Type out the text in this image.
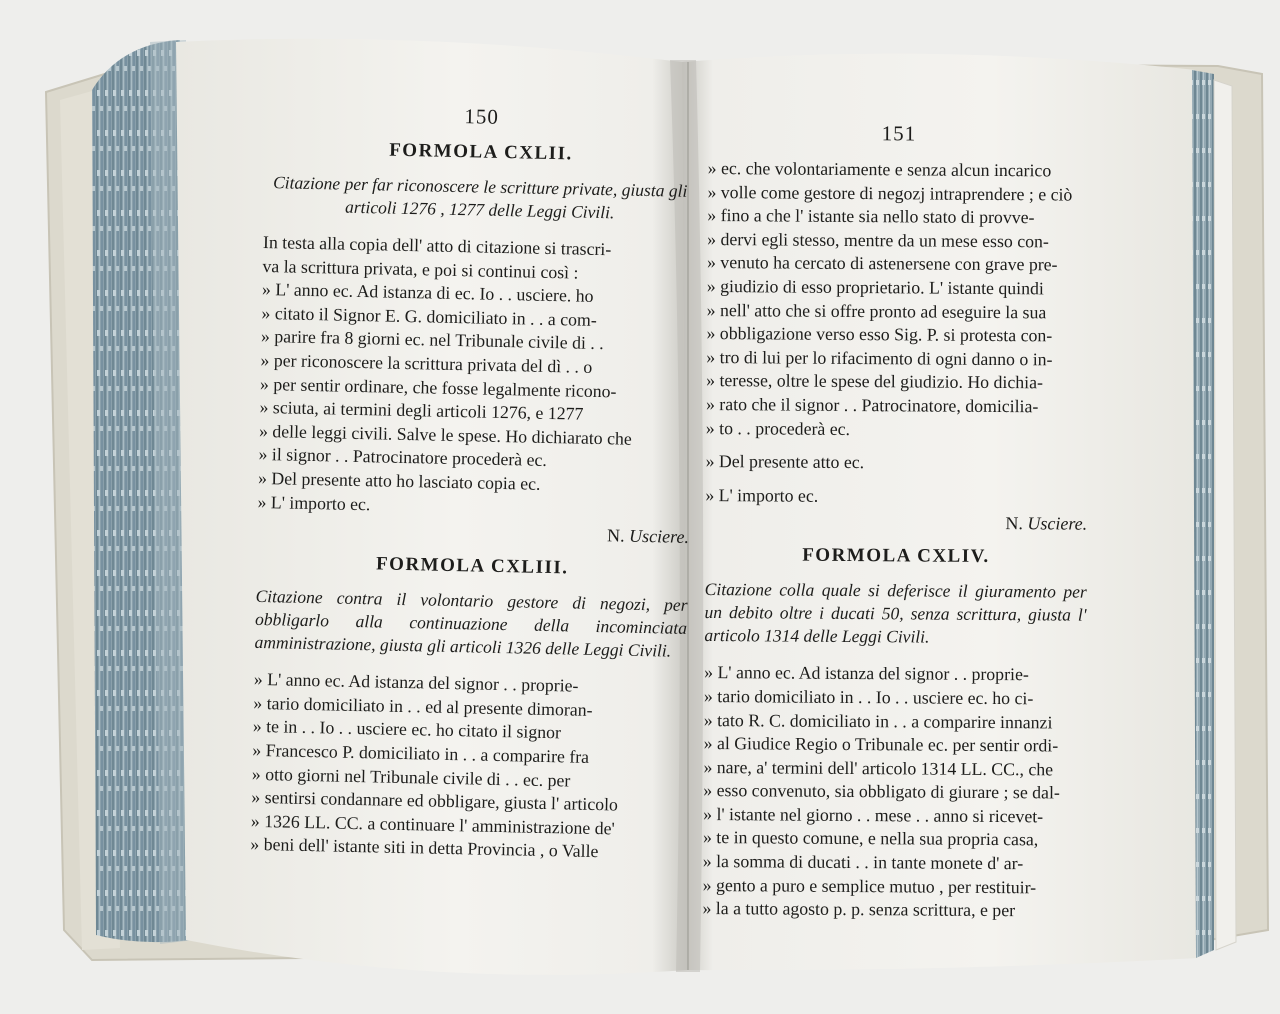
150
FORMOLA CXLII.
Citazione per far riconoscere le scritture private, giusta gli articoli 1276 , 1277 delle Leggi Civili.
In testa alla copia dell' atto di citazione si trascri-
va la scrittura privata, e poi si continui così :
» L' anno ec. Ad istanza di ec. Io . . usciere. ho
» citato il Signor E. G. domiciliato in . . a com-
» parire fra 8 giorni ec. nel Tribunale civile di . .
» per riconoscere la scrittura privata del dì . . o
» per sentir ordinare, che fosse legalmente ricono-
» sciuta, ai termini degli articoli 1276, e 1277
» delle leggi civili. Salve le spese. Ho dichiarato che
» il signor . . Patrocinatore procederà ec.
» Del presente atto ho lasciato copia ec.
» L' importo ec.
N. Usciere.
FORMOLA CXLIII.
Citazione contra il volontario gestore di negozi, per obbligarlo alla continuazione della incominciata amministrazione, giusta gli articoli 1326 delle Leggi Civili.
» L' anno ec. Ad istanza del signor . . proprie-
» tario domiciliato in . . ed al presente dimoran-
» te in . . Io . . usciere ec. ho citato il signor
» Francesco P. domiciliato in . . a comparire fra
» otto giorni nel Tribunale civile di . . ec. per
» sentirsi condannare ed obbligare, giusta l' articolo
» 1326 LL. CC. a continuare l' amministrazione de'
» beni dell' istante siti in detta Provincia , o Valle
151
» ec. che volontariamente e senza alcun incarico
» volle come gestore di negozj intraprendere ; e ciò
» fino a che l' istante sia nello stato di provve-
» dervi egli stesso, mentre da un mese esso con-
» venuto ha cercato di astenersene con grave pre-
» giudizio di esso proprietario. L' istante quindi
» nell' atto che si offre pronto ad eseguire la sua
» obbligazione verso esso Sig. P. si protesta con-
» tro di lui per lo rifacimento di ogni danno o in-
» teresse, oltre le spese del giudizio. Ho dichia-
» rato che il signor . . Patrocinatore, domicilia-
» to . . procederà ec.
» Del presente atto ec.
» L' importo ec.
N. Usciere.
FORMOLA CXLIV.
Citazione colla quale si deferisce il giuramento per un debito oltre i ducati 50, senza scrittura, giusta l' articolo 1314 delle Leggi Civili.
» L' anno ec. Ad istanza del signor . . proprie-
» tario domiciliato in . . Io . . usciere ec. ho ci-
» tato R. C. domiciliato in . . a comparire innanzi
» al Giudice Regio o Tribunale ec. per sentir ordi-
» nare, a' termini dell' articolo 1314 LL. CC., che
» esso convenuto, sia obbligato di giurare ; se dal-
» l' istante nel giorno . . mese . . anno si ricevet-
» te in questo comune, e nella sua propria casa,
» la somma di ducati . . in tante monete d' ar-
» gento a puro e semplice mutuo , per restituir-
» la a tutto agosto p. p. senza scrittura, e per
